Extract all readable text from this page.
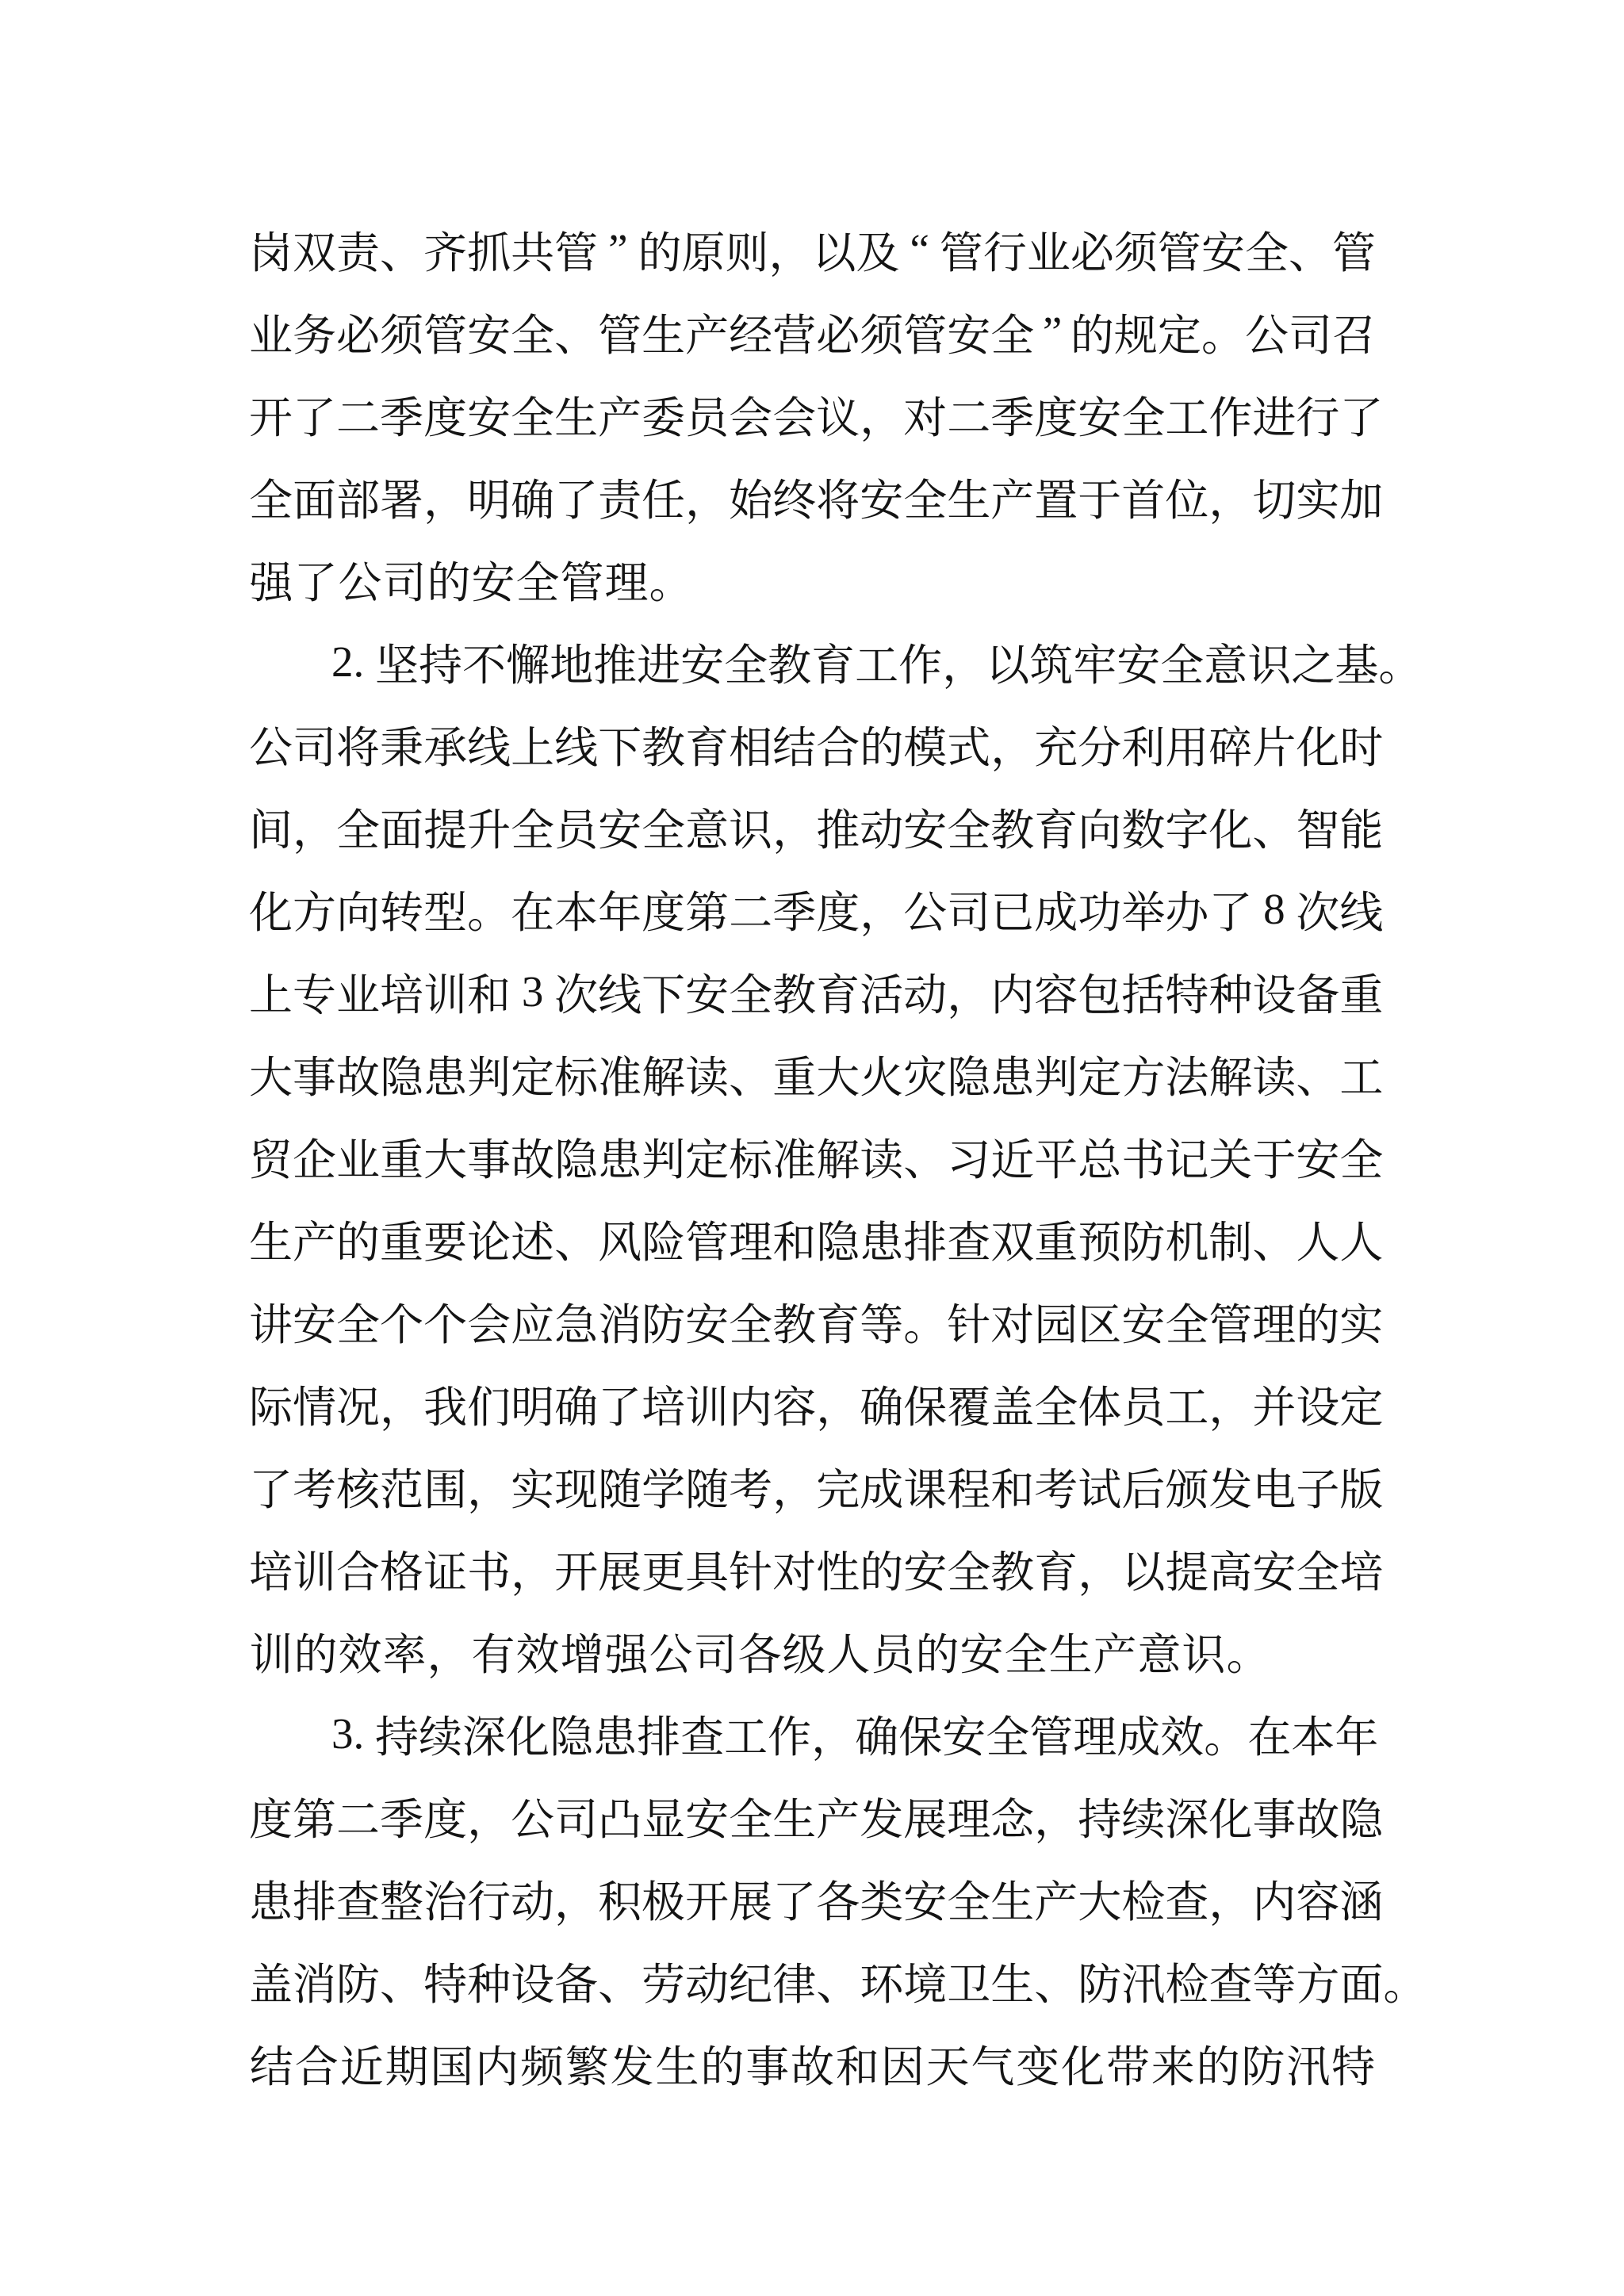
岗 双 责 、 齐 抓 共 管 ” 的 原 则 ， 以 及 “ 管 行 业 必 须 管 安 全 、 管
业 务 必 须 管 安 全 、 管 生 产 经 营 必 须 管 安 全 ” 的 规 定 。 公 司 召
开 了 二 季 度 安 全 生 产 委 员 会 会 议 ， 对 二 季 度 安 全 工 作 进 行 了
全 面 部 署 ， 明 确 了 责 任 ， 始 终 将 安 全 生 产 置 于 首 位 ， 切 实 加
强 了 公 司 的 安 全 管 理 。
2 .
坚 持 不 懈 地 推 进 安 全 教 育 工 作 ， 以 筑 牢 安 全 意 识 之 基 。
公 司 将 秉 承 线 上 线 下 教 育 相 结 合 的 模 式 ， 充 分 利 用 碎 片 化 时
间 ， 全 面 提 升 全 员 安 全 意 识 ， 推 动 安 全 教 育 向 数 字 化 、 智 能
化 方 向 转 型 。 在 本 年 度 第 二 季 度 ， 公 司 已 成 功 举 办 了
8
次 线
上 专 业 培 训 和
3
次 线 下 安 全 教 育 活 动 ， 内 容 包 括 特 种 设 备 重
大 事 故 隐 患 判 定 标 准 解 读 、 重 大 火 灾 隐 患 判 定 方 法 解 读 、 工
贸 企 业 重 大 事 故 隐 患 判 定 标 准 解 读 、 习 近 平 总 书 记 关 于 安 全
生 产 的 重 要 论 述 、 风 险 管 理 和 隐 患 排 查 双 重 预 防 机 制 、 人 人
讲 安 全 个 个 会 应 急 消 防 安 全 教 育 等 。 针 对 园 区 安 全 管 理 的 实
际 情 况 ， 我 们 明 确 了 培 训 内 容 ， 确 保 覆 盖 全 体 员 工 ， 并 设 定
了 考 核 范 围 ， 实 现 随 学 随 考 ， 完 成 课 程 和 考 试 后 颁 发 电 子 版
培 训 合 格 证 书 ， 开 展 更 具 针 对 性 的 安 全 教 育 ， 以 提 高 安 全 培
训 的 效 率 ， 有 效 增 强 公 司 各 级 人 员 的 安 全 生 产 意 识 。
3 .
持 续 深 化 隐 患 排 查 工 作 ， 确 保 安 全 管 理 成 效 。 在 本 年
度 第 二 季 度 ， 公 司 凸 显 安 全 生 产 发 展 理 念 ， 持 续 深 化 事 故 隐
患 排 查 整 治 行 动 ， 积 极 开 展 了 各 类 安 全 生 产 大 检 查 ， 内 容 涵
盖 消 防 、 特 种 设 备 、 劳 动 纪 律 、 环 境 卫 生 、 防 汛 检 查 等 方 面 。
结 合 近 期 国 内 频 繁 发 生 的 事 故 和 因 天 气 变 化 带 来 的 防 汛 特
